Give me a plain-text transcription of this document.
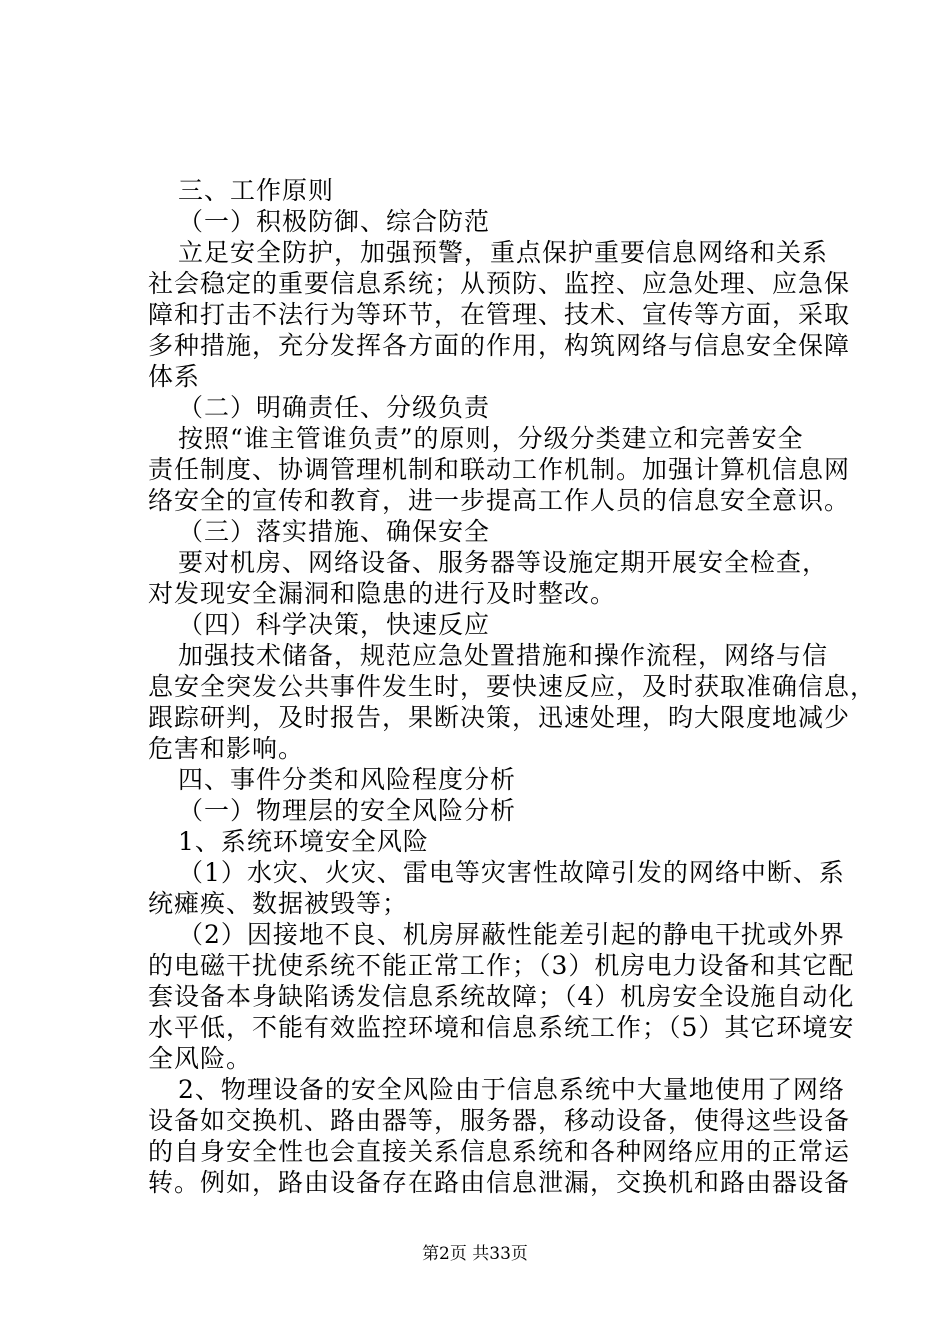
三、工作原则
（一）积极防御、综合防范
立足安全防护，加强预警，重点保护重要信息网络和关系
社会稳定的重要信息系统；从预防、监控、应急处理、应急保
障和打击不法行为等环节，在管理、技术、宣传等方面，采取
多种措施，充分发挥各方面的作用，构筑网络与信息安全保障
体系
（二）明确责任、分级负责
按照“谁主管谁负责”的原则，分级分类建立和完善安全
责任制度、协调管理机制和联动工作机制。加强计算机信息网
络安全的宣传和教育，进一步提高工作人员的信息安全意识。
（三）落实措施、确保安全
要对机房、网络设备、服务器等设施定期开展安全检查，
对发现安全漏洞和隐患的进行及时整改。
（四）科学决策，快速反应
加强技术储备，规范应急处置措施和操作流程，网络与信
息安全突发公共事件发生时，要快速反应，及时获取准确信息，
跟踪研判，及时报告，果断决策，迅速处理，昀大限度地减少
危害和影响。
四、事件分类和风险程度分析
（一）物理层的安全风险分析
1、系统环境安全风险
（1）水灾、火灾、雷电等灾害性故障引发的网络中断、系
统瘫痪、数据被毁等；
（2）因接地不良、机房屏蔽性能差引起的静电干扰或外界
的电磁干扰使系统不能正常工作；（3）机房电力设备和其它配
套设备本身缺陷诱发信息系统故障；（4）机房安全设施自动化
水平低，不能有效监控环境和信息系统工作；（5）其它环境安
全风险。
2、物理设备的安全风险由于信息系统中大量地使用了网络
设备如交换机、路由器等，服务器，移动设备，使得这些设备
的自身安全性也会直接关系信息系统和各种网络应用的正常运
转。例如，路由设备存在路由信息泄漏，交换机和路由器设备
第2页 共33页
